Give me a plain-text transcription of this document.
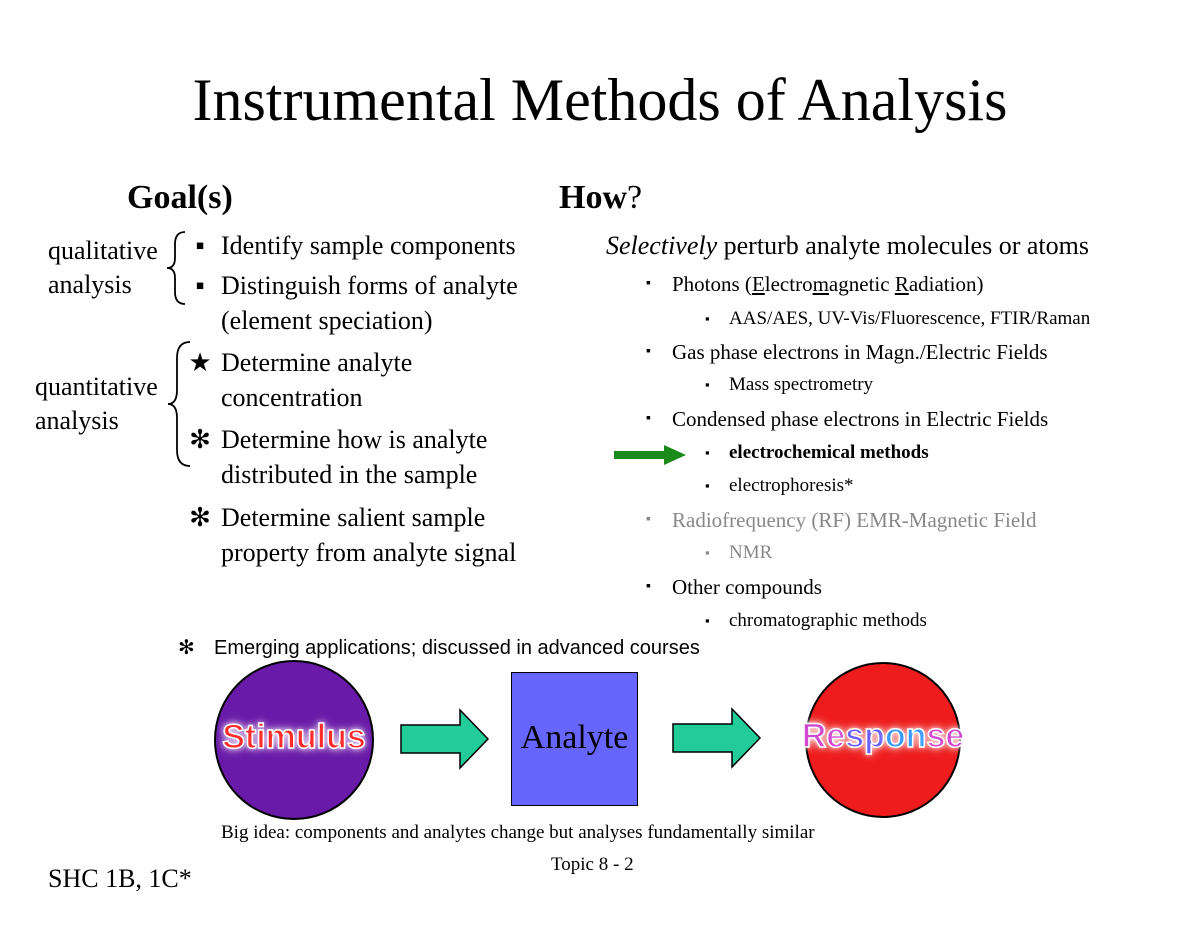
Instrumental Methods of Analysis
Goal(s)
qualitative
analysis
quantitative
analysis
▪ Identify sample components
▪ Distinguish forms of analyte
(element speciation)
★ Determine analyte
concentration
✻ Determine how is analyte
distributed in the sample
✻ Determine salient sample
property from analyte signal
How?
Selectively perturb analyte molecules or atoms
▪ Photons (Electromagnetic Radiation)
▪ AAS/AES, UV-Vis/Fluorescence, FTIR/Raman
▪ Gas phase electrons in Magn./Electric Fields
▪ Mass spectrometry
▪ Condensed phase electrons in Electric Fields
▪ electrochemical methods
▪ electrophoresis*
▪ Radiofrequency (RF) EMR-Magnetic Field
▪ NMR
▪ Other compounds
▪ chromatographic methods
✻ Emerging applications; discussed in advanced courses
Stimulus	Analyte	Response
Big idea: components and analytes change but analyses fundamentally similar
Topic 8 - 2
SHC 1B, 1C*
